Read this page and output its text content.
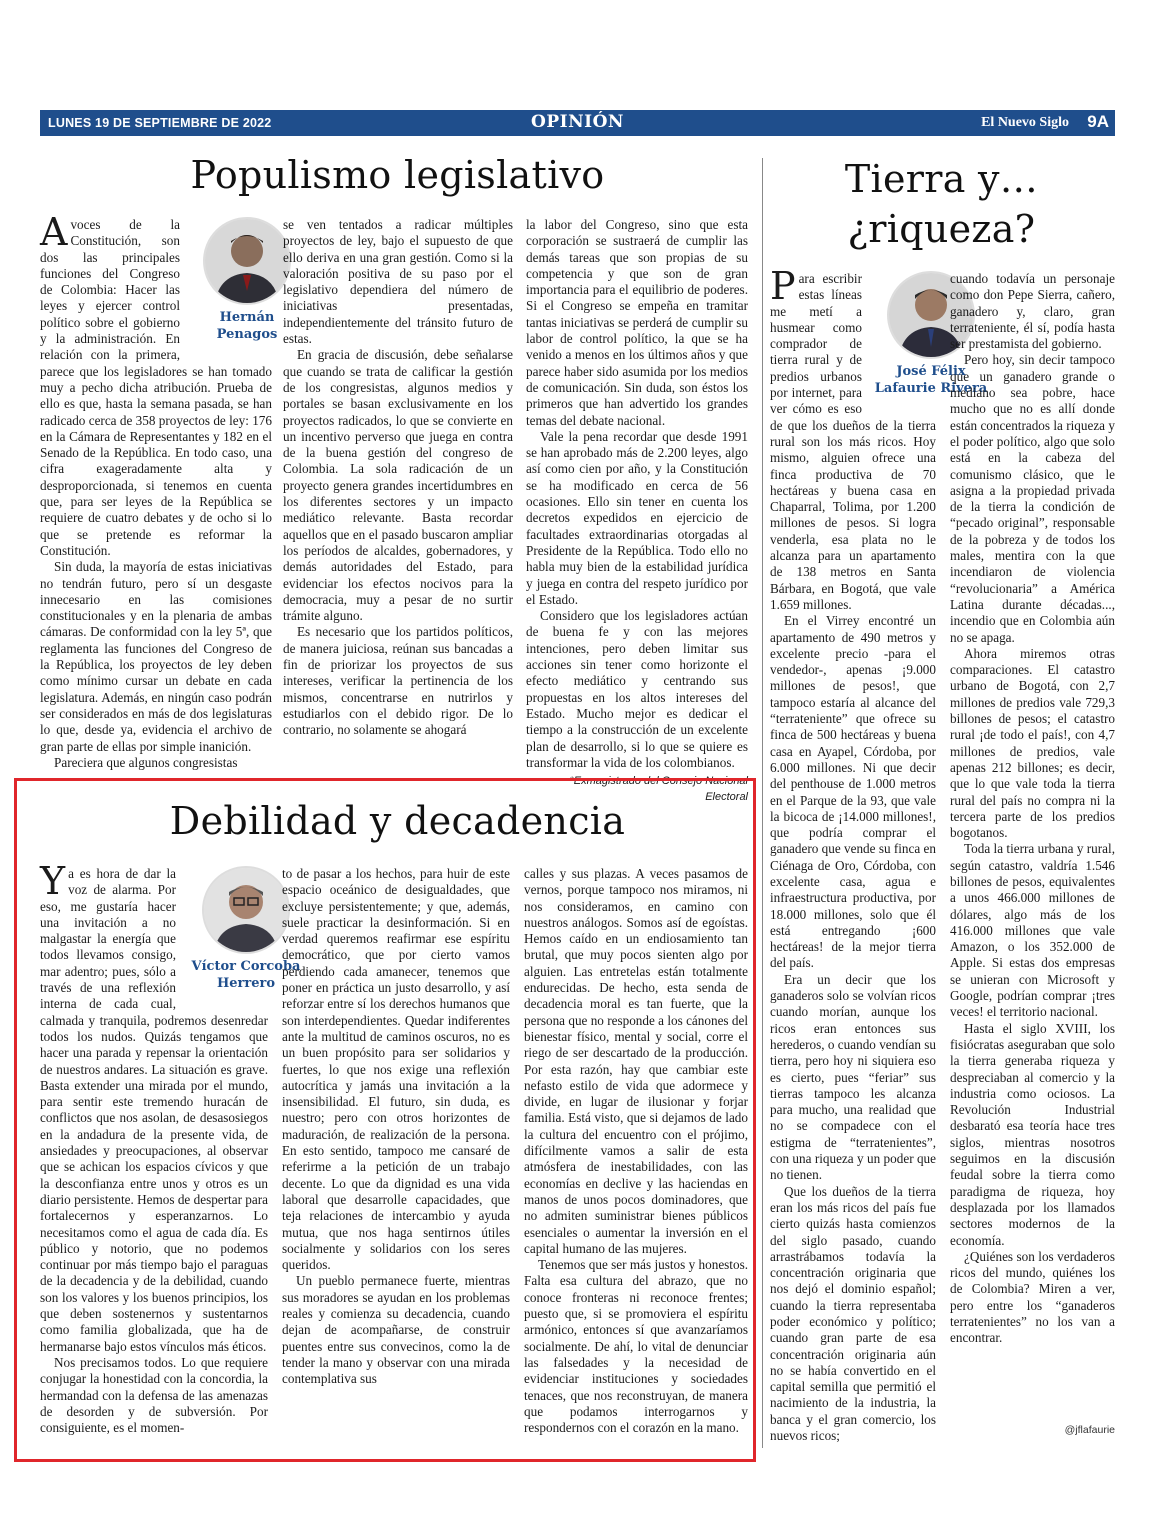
LUNES 19 DE SEPTIEMBRE DE 2022	OPINIÓN	El Nuevo Siglo 9A
Populismo legislativo
Hernán Penagos

A voces de la Constitución, son dos las principales funciones del Congreso de Colombia: Hacer las leyes y ejercer control político sobre el gobierno y la administración. En relación con la primera, parece que los legisladores se han tomado muy a pecho dicha atribución. Prueba de ello es que, hasta la semana pasada, se han radicado cerca de 358 proyectos de ley: 176 en la Cámara de Representantes y 182 en el Senado de la República. En todo caso, una cifra exageradamente alta y desproporcionada, si tenemos en cuenta que, para ser leyes de la República se requiere de cuatro debates y de ocho si lo que se pretende es reformar la Constitución.

Sin duda, la mayoría de estas iniciativas no tendrán futuro, pero sí un desgaste innecesario en las comisiones constitucionales y en la plenaria de ambas cámaras. De conformidad con la ley 5ª, que reglamenta las funciones del Congreso de la República, los proyectos de ley deben como mínimo cursar un debate en cada legislatura. Además, en ningún caso podrán ser considerados en más de dos legislaturas lo que, desde ya, evidencia el archivo de gran parte de ellas por simple inanición.

Pareciera que algunos congresistas

se ven tentados a radicar múltiples proyectos de ley, bajo el supuesto de que ello deriva en una gran gestión. Como si la valoración positiva de su paso por el legislativo dependiera del número de iniciativas presentadas, independientemente del tránsito futuro de estas.

En gracia de discusión, debe señalarse que cuando se trata de calificar la gestión de los congresistas, algunos medios y portales se basan exclusivamente en los proyectos radicados, lo que se convierte en un incentivo perverso que juega en contra de la buena gestión del congreso de Colombia. La sola radicación de un proyecto genera grandes incertidumbres en los diferentes sectores y un impacto mediático relevante. Basta recordar aquellos que en el pasado buscaron ampliar los períodos de alcaldes, gobernadores, y demás autoridades del Estado, para evidenciar los efectos nocivos para la democracia, muy a pesar de no surtir trámite alguno.

Es necesario que los partidos políticos, de manera juiciosa, reúnan sus bancadas a fin de priorizar los proyectos de sus intereses, verificar la pertinencia de los mismos, concentrarse en nutrirlos y estudiarlos con el debido rigor. De lo contrario, no solamente se ahogará

la labor del Congreso, sino que esta corporación se sustraerá de cumplir las demás tareas que son propias de su competencia y que son de gran importancia para el equilibrio de poderes. Si el Congreso se empeña en tramitar tantas iniciativas se perderá de cumplir su labor de control político, la que se ha venido a menos en los últimos años y que parece haber sido asumida por los medios de comunicación. Sin duda, son éstos los primeros que han advertido los grandes temas del debate nacional.

Vale la pena recordar que desde 1991 se han aprobado más de 2.200 leyes, algo así como cien por año, y la Constitución se ha modificado en cerca de 56 ocasiones. Ello sin tener en cuenta los decretos expedidos en ejercicio de facultades extraordinarias otorgadas al Presidente de la República. Todo ello no habla muy bien de la estabilidad jurídica y juega en contra del respeto jurídico por el Estado.

Considero que los legisladores actúan de buena fe y con las mejores intenciones, pero deben limitar sus acciones sin tener como horizonte el efecto mediático y centrando sus propuestas en los altos intereses del Estado. Mucho mejor es dedicar el tiempo a la construcción de un excelente plan de desarrollo, si lo que se quiere es transformar la vida de los colombianos.

*Exmagistrado del Consejo Nacional Electoral
Debilidad y decadencia
Víctor Corcoba Herrero

Ya es hora de dar la voz de alarma. Por eso, me gustaría hacer una invitación a no malgastar la energía que todos llevamos consigo, mar adentro; pues, sólo a través de una reflexión interna de cada cual, calmada y tranquila, podremos desenredar todos los nudos. Quizás tengamos que hacer una parada y repensar la orientación de nuestros andares. La situación es grave. Basta extender una mirada por el mundo, para sentir este tremendo huracán de conflictos que nos asolan, de desasosiegos en la andadura de la presente vida, de ansiedades y preocupaciones, al observar que se achican los espacios cívicos y que la desconfianza entre unos y otros es un diario persistente. Hemos de despertar para fortalecernos y esperanzarnos. Lo necesitamos como el agua de cada día. Es público y notorio, que no podemos continuar por más tiempo bajo el paraguas de la decadencia y de la debilidad, cuando son los valores y los buenos principios, los que deben sostenernos y sustentarnos como familia globalizada, que ha de hermanarse bajo estos vínculos más éticos.

Nos precisamos todos. Lo que requiere conjugar la honestidad con la concordia, la hermandad con la defensa de las amenazas de desorden y de subversión. Por consiguiente, es el momen-

to de pasar a los hechos, para huir de este espacio oceánico de desigualdades, que excluye persistentemente; y que, además, suele practicar la desinformación. Si en verdad queremos reafirmar ese espíritu democrático, que por cierto vamos perdiendo cada amanecer, tenemos que poner en práctica un justo desarrollo, y así reforzar entre sí los derechos humanos que son interdependientes. Quedar indiferentes ante la multitud de caminos oscuros, no es un buen propósito para ser solidarios y fuertes, lo que nos exige una reflexión autocrítica y jamás una invitación a la insensibilidad. El futuro, sin duda, es nuestro; pero con otros horizontes de maduración, de realización de la persona. En esto sentido, tampoco me cansaré de referirme a la petición de un trabajo decente. Lo que da dignidad es una vida laboral que desarrolle capacidades, que teja relaciones de intercambio y ayuda mutua, que nos haga sentirnos útiles socialmente y solidarios con los seres queridos.

Un pueblo permanece fuerte, mientras sus moradores se ayudan en los problemas reales y comienza su decadencia, cuando dejan de acompañarse, de construir puentes entre sus convecinos, como la de tender la mano y observar con una mirada contemplativa sus

calles y sus plazas. A veces pasamos de vernos, porque tampoco nos miramos, ni nos consideramos, en camino con nuestros análogos. Somos así de egoístas. Hemos caído en un endiosamiento tan brutal, que muy pocos sienten algo por alguien. Las entretelas están totalmente endurecidas. De hecho, esta senda de decadencia moral es tan fuerte, que la persona que no responde a los cánones del bienestar físico, mental y social, corre el riego de ser descartado de la producción. Por esta razón, hay que cambiar este nefasto estilo de vida que adormece y divide, en lugar de ilusionar y forjar familia. Está visto, que si dejamos de lado la cultura del encuentro con el prójimo, difícilmente vamos a salir de esta atmósfera de inestabilidades, con las economías en declive y las haciendas en manos de unos pocos dominadores, que no admiten suministrar bienes públicos esenciales o aumentar la inversión en el capital humano de las mujeres.

Tenemos que ser más justos y honestos. Falta esa cultura del abrazo, que no conoce fronteras ni reconoce frentes; puesto que, si se promoviera el espíritu armónico, entonces sí que avanzaríamos socialmente. De ahí, lo vital de denunciar las falsedades y la necesidad de evidenciar instituciones y sociedades tenaces, que nos reconstruyan, de manera que podamos interrogarnos y respondernos con el corazón en la mano.

Tierra y…
¿riqueza?
José Félix Lafaurie Rivera

Para escribir estas líneas me metí a husmear como comprador de tierra rural y de predios urbanos por internet, para ver cómo es eso de que los dueños de la tierra rural son los más ricos. Hoy mismo, alguien ofrece una finca productiva de 70 hectáreas y buena casa en Chaparral, Tolima, por 1.200 millones de pesos. Si logra venderla, esa plata no le alcanza para un apartamento de 138 metros en Santa Bárbara, en Bogotá, que vale 1.659 millones.

En el Virrey encontré un apartamento de 490 metros y excelente precio -para el vendedor-, apenas ¡9.000 millones de pesos!, que tampoco estaría al alcance del “terrateniente” que ofrece su finca de 500 hectáreas y buena casa en Ayapel, Córdoba, por 6.000 millones. Ni que decir del penthouse de 1.000 metros en el Parque de la 93, que vale la bicoca de ¡14.000 millones!, que podría comprar el ganadero que vende su finca en Ciénaga de Oro, Córdoba, con excelente casa, agua e infraestructura productiva, por 18.000 millones, solo que él está entregando ¡600 hectáreas! de la mejor tierra del país.

Era un decir que los ganaderos solo se volvían ricos cuando morían, aunque los ricos eran entonces sus herederos, o cuando vendían su tierra, pero hoy ni siquiera eso es cierto, pues “feriar” sus tierras tampoco les alcanza para mucho, una realidad que no se compadece con el estigma de “terratenientes”, con una riqueza y un poder que no tienen.

Que los dueños de la tierra eran los más ricos del país fue cierto quizás hasta comienzos del siglo pasado, cuando arrastrábamos todavía la concentración originaria que nos dejó el dominio español; cuando la tierra representaba poder económico y político; cuando gran parte de esa concentración originaria aún no se había convertido en el capital semilla que permitió el nacimiento de la industria, la banca y el gran comercio, los nuevos ricos;

cuando todavía un personaje como don Pepe Sierra, cañero, ganadero y, claro, gran terrateniente, él sí, podía hasta ser prestamista del gobierno.

Pero hoy, sin decir tampoco que un ganadero grande o mediano sea pobre, hace mucho que no es allí donde están concentrados la riqueza y el poder político, algo que solo está en la cabeza del comunismo clásico, que le asigna a la propiedad privada de la tierra la condición de “pecado original”, responsable de la pobreza y de todos los males, mentira con la que incendiaron de violencia “revolucionaria” a América Latina durante décadas..., incendio que en Colombia aún no se apaga.

Ahora miremos otras comparaciones. El catastro urbano de Bogotá, con 2,7 millones de predios vale 729,3 billones de pesos; el catastro rural ¡de todo el país!, con 4,7 millones de predios, vale apenas 212 billones; es decir, que lo que vale toda la tierra rural del país no compra ni la tercera parte de los predios bogotanos.

Toda la tierra urbana y rural, según catastro, valdría 1.546 billones de pesos, equivalentes a unos 466.000 millones de dólares, algo más de los 416.000 millones que vale Amazon, o los 352.000 de Apple. Si estas dos empresas se unieran con Microsoft y Google, podrían comprar ¡tres veces! el territorio nacional.

Hasta el siglo XVIII, los fisiócratas aseguraban que solo la tierra generaba riqueza y despreciaban al comercio y la industria como ociosos. La Revolución Industrial desbarató esa teoría hace tres siglos, mientras nosotros seguimos en la discusión feudal sobre la tierra como paradigma de riqueza, hoy desplazada por los llamados sectores modernos de la economía.

¿Quiénes son los verdaderos ricos del mundo, quiénes los de Colombia? Miren a ver, pero entre los “ganaderos terratenientes” no los van a encontrar.

@jflafaurie
